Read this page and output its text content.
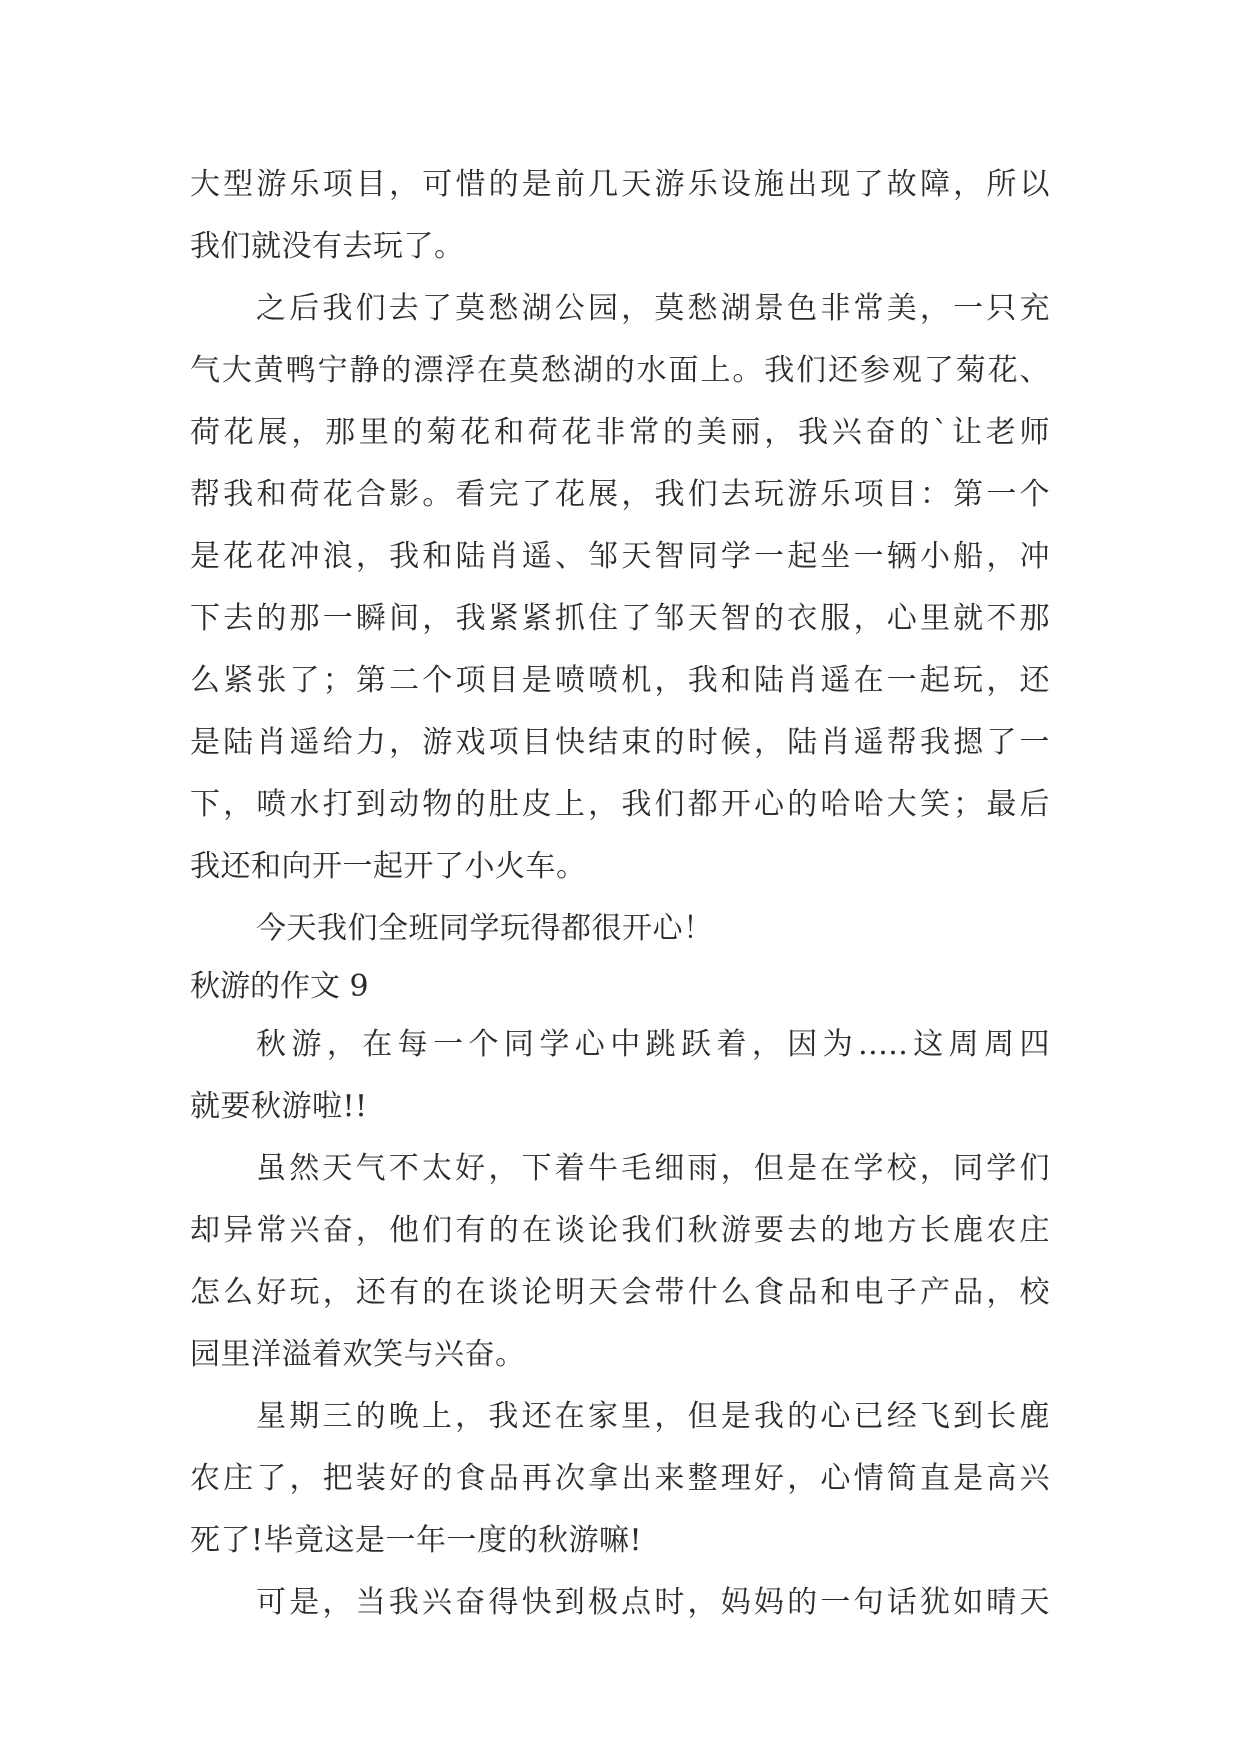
大型游乐项目，可惜的是前几天游乐设施出现了故障，所以
我们就没有去玩了。
之后我们去了莫愁湖公园，莫愁湖景色非常美，一只充
气大黄鸭宁静的漂浮在莫愁湖的水面上。我们还参观了菊花、
荷花展，那里的菊花和荷花非常的美丽，我兴奋的`让老师
帮我和荷花合影。看完了花展，我们去玩游乐项目：第一个
是花花冲浪，我和陆肖遥、邹天智同学一起坐一辆小船，冲
下去的那一瞬间，我紧紧抓住了邹天智的衣服，心里就不那
么紧张了；第二个项目是喷喷机，我和陆肖遥在一起玩，还
是陆肖遥给力，游戏项目快结束的时候，陆肖遥帮我摁了一
下，喷水打到动物的肚皮上，我们都开心的哈哈大笑；最后
我还和向开一起开了小火车。
今天我们全班同学玩得都很开心！
秋游的作文 9
秋游，在每一个同学心中跳跃着，因为.....这周周四
就要秋游啦!!
虽然天气不太好，下着牛毛细雨，但是在学校，同学们
却异常兴奋，他们有的在谈论我们秋游要去的地方长鹿农庄
怎么好玩，还有的在谈论明天会带什么食品和电子产品，校
园里洋溢着欢笑与兴奋。
星期三的晚上，我还在家里，但是我的心已经飞到长鹿
农庄了，把装好的食品再次拿出来整理好，心情简直是高兴
死了!毕竟这是一年一度的秋游嘛!
可是，当我兴奋得快到极点时，妈妈的一句话犹如晴天
